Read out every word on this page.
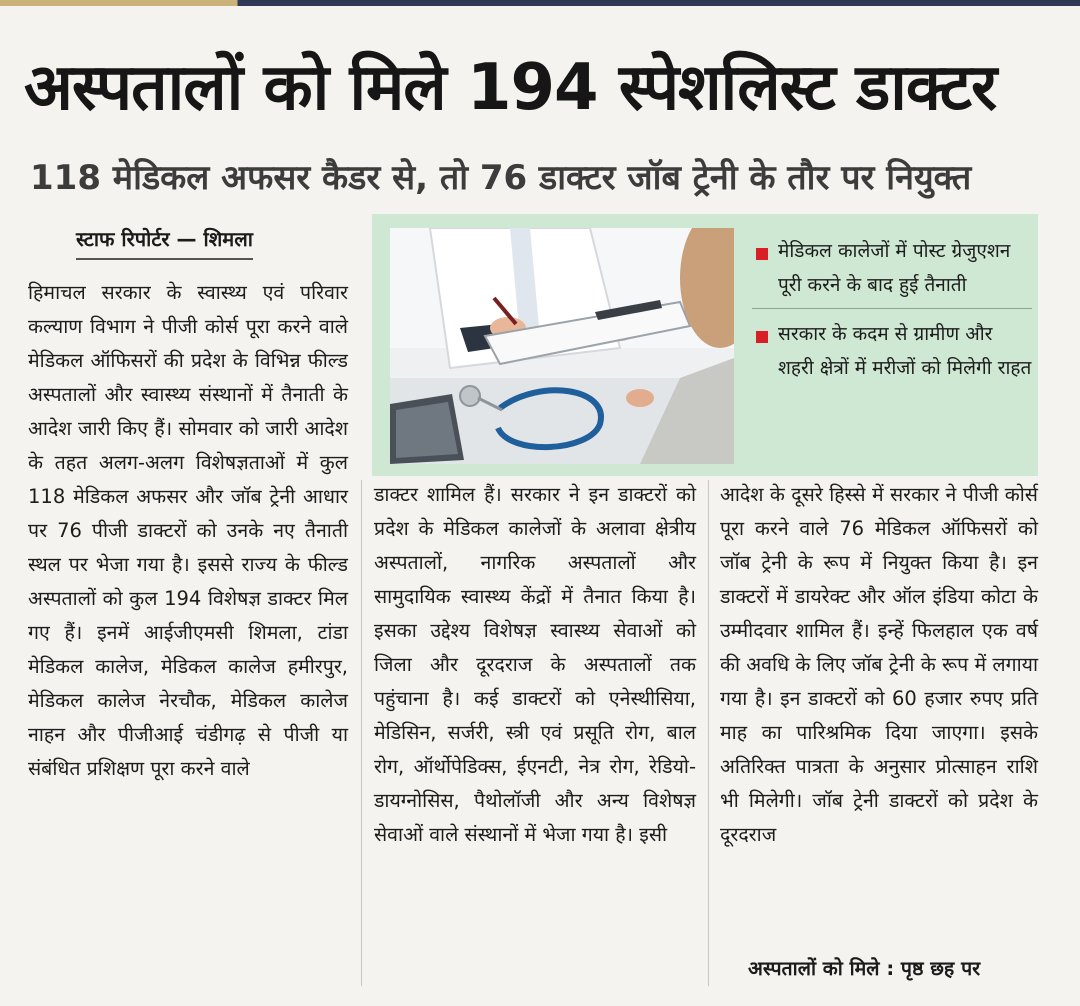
अस्पतालों को मिले 194 स्पेशलिस्ट डाक्टर
118 मेडिकल अफसर कैडर से, तो 76 डाक्टर जॉब ट्रेनी के तौर पर नियुक्त
स्टाफ रिपोर्टर — शिमला	मेडिकल कालेजों में पोस्ट ग्रेजुएशन पूरी करने के बाद हुई तैनाती
सरकार के कदम से ग्रामीण और शहरी क्षेत्रों में मरीजों को मिलेगी राहत

हिमाचल सरकार के स्वास्थ्य एवं परिवार कल्याण विभाग ने पीजी कोर्स पूरा करने वाले मेडिकल ऑफिसरों की प्रदेश के विभिन्न फील्ड अस्पतालों और स्वास्थ्य संस्थानों में तैनाती के आदेश जारी किए हैं। सोमवार को जारी आदेश के तहत अलग-अलग विशेषज्ञताओं में कुल 118 मेडिकल अफसर और जॉब ट्रेनी आधार पर 76 पीजी डाक्टरों को उनके नए तैनाती स्थल पर भेजा गया है। इससे राज्य के फील्ड अस्पतालों को कुल 194 विशेषज्ञ डाक्टर मिल गए हैं। इनमें आईजीएमसी शिमला, टांडा मेडिकल कालेज, मेडिकल कालेज हमीरपुर, मेडिकल कालेज नेरचौक, मेडिकल कालेज नाहन और पीजीआई चंडीगढ़ से पीजी या संबंधित प्रशिक्षण पूरा करने वाले

डाक्टर शामिल हैं। सरकार ने इन डाक्टरों को प्रदेश के मेडिकल कालेजों के अलावा क्षेत्रीय अस्पतालों, नागरिक अस्पतालों और सामुदायिक स्वास्थ्य केंद्रों में तैनात किया है। इसका उद्देश्य विशेषज्ञ स्वास्थ्य सेवाओं को जिला और दूरदराज के अस्पतालों तक पहुंचाना है। कई डाक्टरों को एनेस्थीसिया, मेडिसिन, सर्जरी, स्त्री एवं प्रसूति रोग, बाल रोग, ऑर्थोपेडिक्स, ईएनटी, नेत्र रोग, रेडियो-डायग्नोसिस, पैथोलॉजी और अन्य विशेषज्ञ सेवाओं वाले संस्थानों में भेजा गया है। इसी

आदेश के दूसरे हिस्से में सरकार ने पीजी कोर्स पूरा करने वाले 76 मेडिकल ऑफिसरों को जॉब ट्रेनी के रूप में नियुक्त किया है। इन डाक्टरों में डायरेक्ट और ऑल इंडिया कोटा के उम्मीदवार शामिल हैं। इन्हें फिलहाल एक वर्ष की अवधि के लिए जॉब ट्रेनी के रूप में लगाया गया है। इन डाक्टरों को 60 हजार रुपए प्रति माह का पारिश्रमिक दिया जाएगा। इसके अतिरिक्त पात्रता के अनुसार प्रोत्साहन राशि भी मिलेगी। जॉब ट्रेनी डाक्टरों को प्रदेश के दूरदराज

अस्पतालों को मिले : पृष्ठ छह पर
